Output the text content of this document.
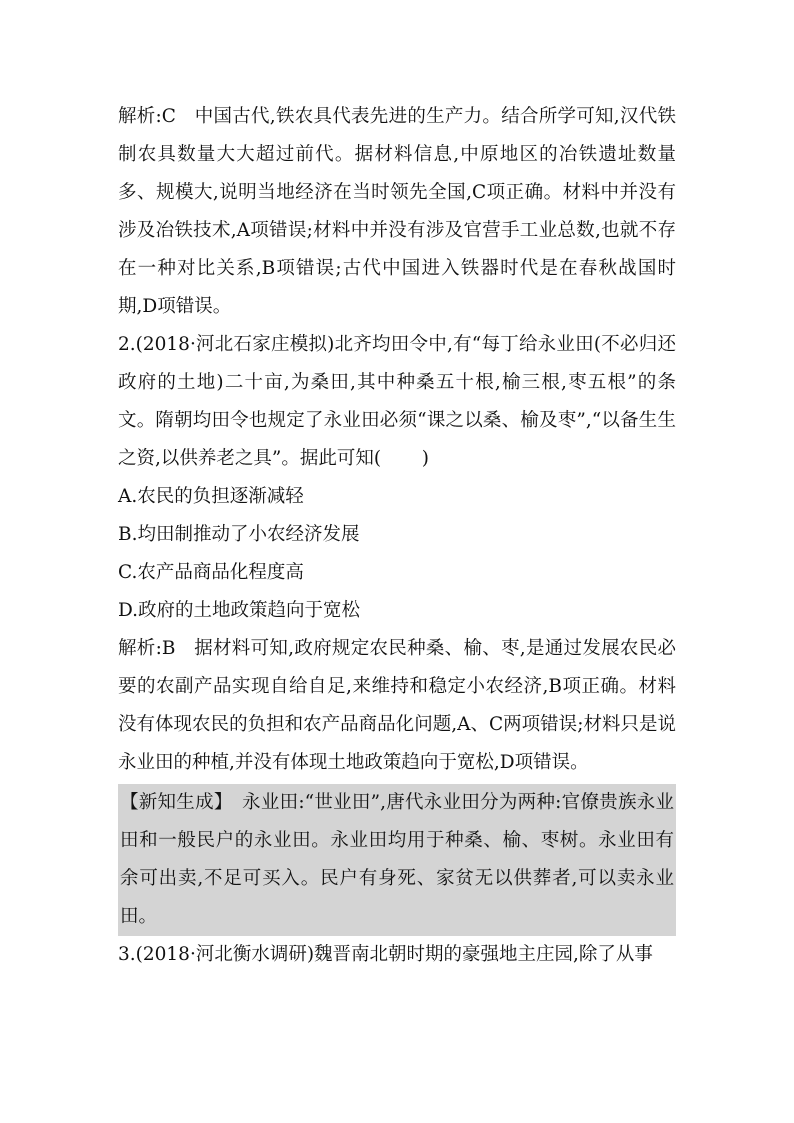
解析:C  中国古代,铁农具代表先进的生产力。结合所学可知,汉代铁制农具数量大大超过前代。据材料信息,中原地区的冶铁遗址数量多、规模大,说明当地经济在当时领先全国,C项正确。材料中并没有涉及冶铁技术,A项错误;材料中并没有涉及官营手工业总数,也就不存在一种对比关系,B项错误;古代中国进入铁器时代是在春秋战国时期,D项错误。

2.(2018·河北石家庄模拟)北齐均田令中,有“每丁给永业田(不必归还政府的土地)二十亩,为桑田,其中种桑五十根,榆三根,枣五根”的条文。隋朝均田令也规定了永业田必须“课之以桑、榆及枣”,“以备生生之资,以供养老之具”。据此可知( )

A.农民的负担逐渐减轻

B.均田制推动了小农经济发展

C.农产品商品化程度高

D.政府的土地政策趋向于宽松

解析:B  据材料可知,政府规定农民种桑、榆、枣,是通过发展农民必要的农副产品实现自给自足,来维持和稳定小农经济,B项正确。材料没有体现农民的负担和农产品商品化问题,A、C两项错误;材料只是说永业田的种植,并没有体现土地政策趋向于宽松,D项错误。

【新知生成】  永业田:“世业田”,唐代永业田分为两种:官僚贵族永业田和一般民户的永业田。永业田均用于种桑、榆、枣树。永业田有余可出卖,不足可买入。民户有身死、家贫无以供葬者,可以卖永业田。

3.(2018·河北衡水调研)魏晋南北朝时期的豪强地主庄园,除了从事
